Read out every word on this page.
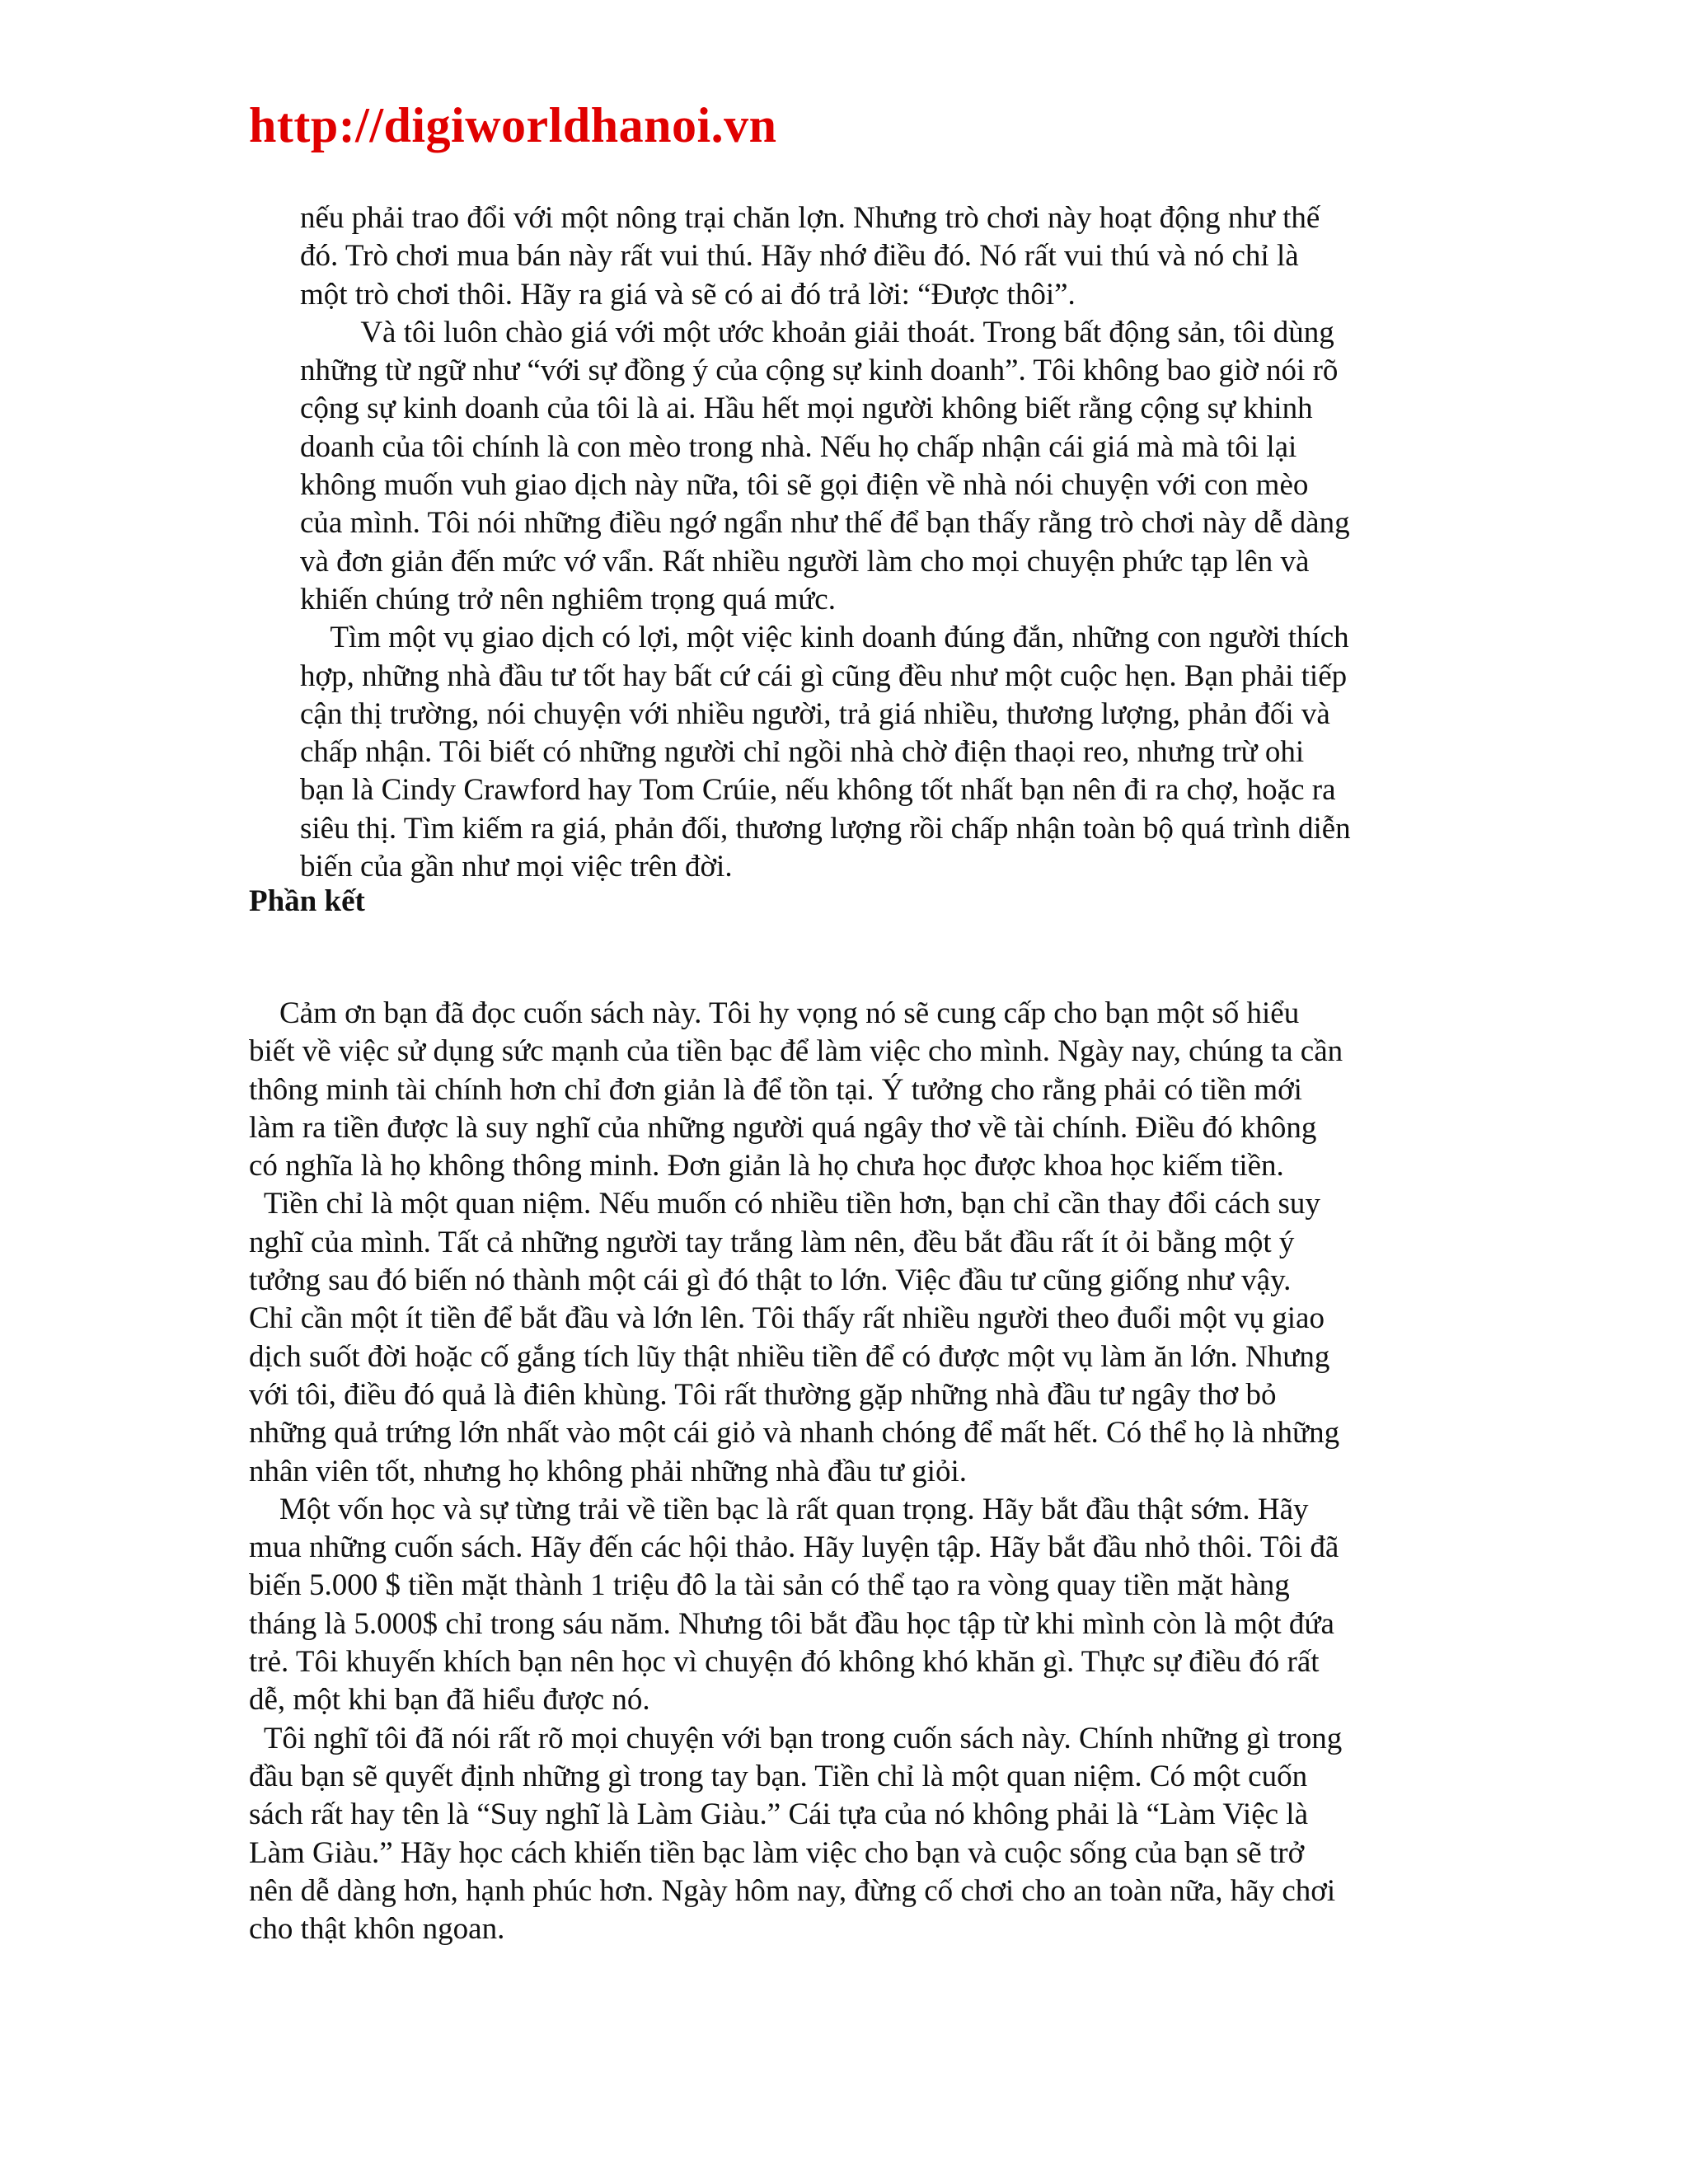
http://digiworldhanoi.vn
nếu phải trao đổi với một nông trại chăn lợn. Nhưng trò chơi này hoạt động như thế
đó. Trò chơi mua bán này rất vui thú. Hãy nhớ điều đó. Nó rất vui thú và nó chỉ là
một trò chơi thôi. Hãy ra giá và sẽ có ai đó trả lời: “Được thôi”.
Và tôi luôn chào giá với một ước khoản giải thoát. Trong bất động sản, tôi dùng
những từ ngữ như “với sự đồng ý của cộng sự kinh doanh”. Tôi không bao giờ nói rõ
cộng sự kinh doanh của tôi là ai. Hầu hết mọi người không biết rằng cộng sự khinh
doanh của tôi chính là con mèo trong nhà. Nếu họ chấp nhận cái giá mà mà tôi lại
không muốn vuh giao dịch này nữa, tôi sẽ gọi điện về nhà nói chuyện với con mèo
của mình. Tôi nói những điều ngớ ngẩn như thế để bạn thấy rằng trò chơi này dễ dàng
và đơn giản đến mức vớ vẩn. Rất nhiều người làm cho mọi chuyện phức tạp lên và
khiến chúng trở nên nghiêm trọng quá mức.
Tìm một vụ giao dịch có lợi, một việc kinh doanh đúng đắn, những con người thích
hợp, những nhà đầu tư tốt hay bất cứ cái gì cũng đều như một cuộc hẹn. Bạn phải tiếp
cận thị trường, nói chuyện với nhiều người, trả giá nhiều, thương lượng, phản đối và
chấp nhận. Tôi biết có những người chỉ ngồi nhà chờ điện thaọi reo, nhưng trừ ohi
bạn là Cindy Crawford hay Tom Crúie, nếu không tốt nhất bạn nên đi ra chợ, hoặc ra
siêu thị. Tìm kiếm ra giá, phản đối, thương lượng rồi chấp nhận toàn bộ quá trình diễn
biến của gần như mọi việc trên đời.
Phần kết
Cảm ơn bạn đã đọc cuốn sách này. Tôi hy vọng nó sẽ cung cấp cho bạn một số hiểu
biết về việc sử dụng sức mạnh của tiền bạc để làm việc cho mình. Ngày nay, chúng ta cần
thông minh tài chính hơn chỉ đơn giản là để tồn tại. Ý tưởng cho rằng phải có tiền mới
làm ra tiền được là suy nghĩ của những người quá ngây thơ về tài chính. Điều đó không
có nghĩa là họ không thông minh. Đơn giản là họ chưa học được khoa học kiếm tiền.
Tiền chỉ là một quan niệm. Nếu muốn có nhiều tiền hơn, bạn chỉ cần thay đổi cách suy
nghĩ của mình. Tất cả những người tay trắng làm nên, đều bắt đầu rất ít ỏi bằng một ý
tưởng sau đó biến nó thành một cái gì đó thật to lớn. Việc đầu tư cũng giống như vậy.
Chỉ cần một ít tiền để bắt đầu và lớn lên. Tôi thấy rất nhiều người theo đuổi một vụ giao
dịch suốt đời hoặc cố gắng tích lũy thật nhiều tiền để có được một vụ làm ăn lớn. Nhưng
với tôi, điều đó quả là điên khùng. Tôi rất thường gặp những nhà đầu tư ngây thơ bỏ
những quả trứng lớn nhất vào một cái giỏ và nhanh chóng để mất hết. Có thể họ là những
nhân viên tốt, nhưng họ không phải những nhà đầu tư giỏi.
Một vốn học và sự từng trải về tiền bạc là rất quan trọng. Hãy bắt đầu thật sớm. Hãy
mua những cuốn sách. Hãy đến các hội thảo. Hãy luyện tập. Hãy bắt đầu nhỏ thôi. Tôi đã
biến 5.000 $ tiền mặt thành 1 triệu đô la tài sản có thể tạo ra vòng quay tiền mặt hàng
tháng là 5.000$ chỉ trong sáu năm. Nhưng tôi bắt đầu học tập từ khi mình còn là một đứa
trẻ. Tôi khuyến khích bạn nên học vì chuyện đó không khó khăn gì. Thực sự điều đó rất
dễ, một khi bạn đã hiểu được nó.
Tôi nghĩ tôi đã nói rất rõ mọi chuyện với bạn trong cuốn sách này. Chính những gì trong
đầu bạn sẽ quyết định những gì trong tay bạn. Tiền chỉ là một quan niệm. Có một cuốn
sách rất hay tên là “Suy nghĩ là Làm Giàu.” Cái tựa của nó không phải là “Làm Việc là
Làm Giàu.” Hãy học cách khiến tiền bạc làm việc cho bạn và cuộc sống của bạn sẽ trở
nên dễ dàng hơn, hạnh phúc hơn. Ngày hôm nay, đừng cố chơi cho an toàn nữa, hãy chơi
cho thật khôn ngoan.
